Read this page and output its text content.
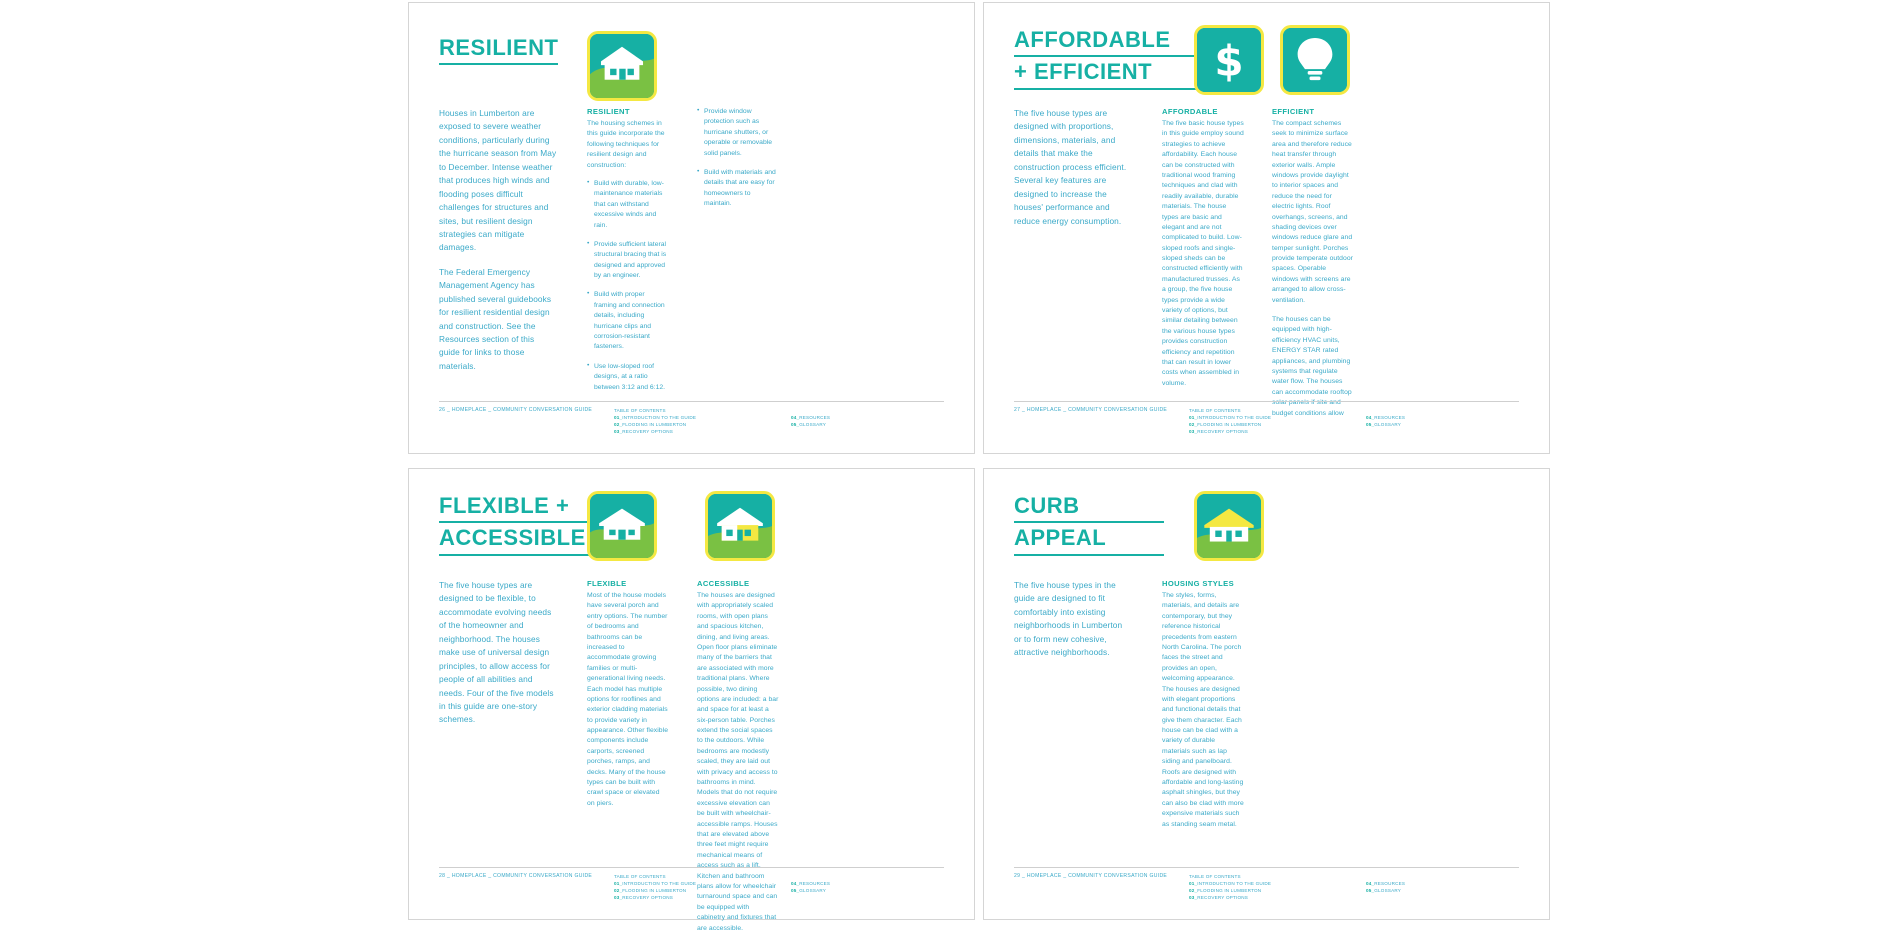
RESILIENT

Houses in Lumberton are exposed to severe weather conditions, particularly during the hurricane season from May to December. Intense weather that produces high winds and flooding poses difficult challenges for structures and sites, but resilient design strategies can mitigate damages.

The Federal Emergency Management Agency has published several guidebooks for resilient residential design and construction. See the Resources section of this guide for links to those materials.

RESILIENT

The housing schemes in this guide incorporate the following techniques for resilient design and construction:

• Build with durable, low-maintenance materials that can withstand excessive winds and rain.
• Provide sufficient lateral structural bracing that is designed and approved by an engineer.
• Build with proper framing and connection details, including hurricane clips and corrosion-resistant fasteners.
• Use low-sloped roof designs, at a ratio between 3:12 and 6:12.
• Provide window protection such as hurricane shutters, or operable or removable solid panels.
• Build with materials and details that are easy for homeowners to maintain.
26 _ HOMEPLACE _ COMMUNITY CONVERSATION GUIDE	TABLE OF CONTENTS
01_INTRODUCTION TO THE GUIDE
02_FLOODING IN LUMBERTON
03_RECOVERY OPTIONS
04_RESOURCES
05_GLOSSARY
AFFORDABLE
+ EFFICIENT	$

The five house types are designed with proportions, dimensions, materials, and details that make the construction process efficient. Several key features are designed to increase the houses' performance and reduce energy consumption.

AFFORDABLE

The five basic house types in this guide employ sound strategies to achieve affordability. Each house can be constructed with traditional wood framing techniques and clad with readily available, durable materials. The house types are basic and elegant and are not complicated to build. Low-sloped roofs and single-sloped sheds can be constructed efficiently with manufactured trusses. As a group, the five house types provide a wide variety of options, but similar detailing between the various house types provides construction efficiency and repetition that can result in lower costs when assembled in volume.

EFFICIENT

The compact schemes seek to minimize surface area and therefore reduce heat transfer through exterior walls. Ample windows provide daylight to interior spaces and reduce the need for electric lights. Roof overhangs, screens, and shading devices over windows reduce glare and temper sunlight. Porches provide temperate outdoor spaces. Operable windows with screens are arranged to allow cross-ventilation.

The houses can be equipped with high-efficiency HVAC units, ENERGY STAR rated appliances, and plumbing systems that regulate water flow. The houses can accommodate rooftop solar panels if site and budget conditions allow

27 _ HOMEPLACE _ COMMUNITY CONVERSATION GUIDE	TABLE OF CONTENTS
01_INTRODUCTION TO THE GUIDE
02_FLOODING IN LUMBERTON
03_RECOVERY OPTIONS
04_RESOURCES
05_GLOSSARY
FLEXIBLE +
ACCESSIBLE

The five house types are designed to be flexible, to accommodate evolving needs of the homeowner and neighborhood. The houses make use of universal design principles, to allow access for people of all abilities and needs. Four of the five models in this guide are one-story schemes.

FLEXIBLE

Most of the house models have several porch and entry options. The number of bedrooms and bathrooms can be increased to accommodate growing families or multi-generational living needs. Each model has multiple options for rooflines and exterior cladding materials to provide variety in appearance. Other flexible components include carports, screened porches, ramps, and decks. Many of the house types can be built with crawl space or elevated on piers.

ACCESSIBLE

The houses are designed with appropriately scaled rooms, with open plans and spacious kitchen, dining, and living areas. Open floor plans eliminate many of the barriers that are associated with more traditional plans. Where possible, two dining options are included: a bar and space for at least a six-person table. Porches extend the social spaces to the outdoors. While bedrooms are modestly scaled, they are laid out with privacy and access to bathrooms in mind. Models that do not require excessive elevation can be built with wheelchair-accessible ramps. Houses that are elevated above three feet might require mechanical means of access such as a lift. Kitchen and bathroom plans allow for wheelchair turnaround space and can be equipped with cabinetry and fixtures that are accessible.

28 _ HOMEPLACE _ COMMUNITY CONVERSATION GUIDE	TABLE OF CONTENTS
01_INTRODUCTION TO THE GUIDE
02_FLOODING IN LUMBERTON
03_RECOVERY OPTIONS
04_RESOURCES
05_GLOSSARY
CURB
APPEAL

The five house types in the guide are designed to fit comfortably into existing neighborhoods in Lumberton or to form new cohesive, attractive neighborhoods.

HOUSING STYLES

The styles, forms, materials, and details are contemporary, but they reference historical precedents from eastern North Carolina. The porch faces the street and provides an open, welcoming appearance. The houses are designed with elegant proportions and functional details that give them character. Each house can be clad with a variety of durable materials such as lap siding and panelboard. Roofs are designed with affordable and long-lasting asphalt shingles, but they can also be clad with more expensive materials such as standing seam metal.

29 _ HOMEPLACE _ COMMUNITY CONVERSATION GUIDE	TABLE OF CONTENTS
01_INTRODUCTION TO THE GUIDE
02_FLOODING IN LUMBERTON
03_RECOVERY OPTIONS
04_RESOURCES
05_GLOSSARY
